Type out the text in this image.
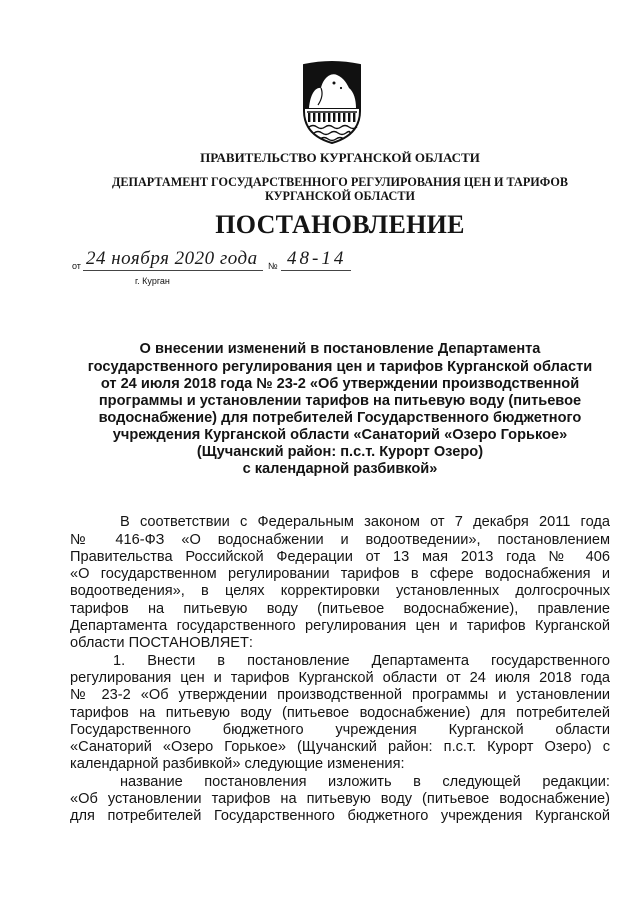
ПРАВИТЕЛЬСТВО КУРГАНСКОЙ ОБЛАСТИ
ДЕПАРТАМЕНТ ГОСУДАРСТВЕННОГО РЕГУЛИРОВАНИЯ ЦЕН И ТАРИФОВ
КУРГАНСКОЙ ОБЛАСТИ
ПОСТАНОВЛЕНИЕ
от 24 ноября 2020 года № 48-14
г. Курган
О внесении изменений в постановление Департамента
государственного регулирования цен и тарифов Курганской области
от 24 июля 2018 года № 23-2 «Об утверждении производственной
программы и установлении тарифов на питьевую воду (питьевое
водоснабжение) для потребителей Государственного бюджетного
учреждения Курганской области «Санаторий «Озеро Горькое»
(Щучанский район: п.с.т. Курорт Озеро)
с календарной разбивкой»
В соответствии с Федеральным законом от 7 декабря 2011 года
№ 416-ФЗ «О водоснабжении и водоотведении», постановлением
Правительства Российской Федерации от 13 мая 2013 года № 406
«О государственном регулировании тарифов в сфере водоснабжения и
водоотведения», в целях корректировки установленных долгосрочных
тарифов на питьевую воду (питьевое водоснабжение), правление
Департамента государственного регулирования цен и тарифов Курганской
области ПОСТАНОВЛЯЕТ:
1. Внести в постановление Департамента государственного
регулирования цен и тарифов Курганской области от 24 июля 2018 года
№ 23-2 «Об утверждении производственной программы и установлении
тарифов на питьевую воду (питьевое водоснабжение) для потребителей
Государственного бюджетного учреждения Курганской области
«Санаторий «Озеро Горькое» (Щучанский район: п.с.т. Курорт Озеро) с
календарной разбивкой» следующие изменения:
название постановления изложить в следующей редакции:
«Об установлении тарифов на питьевую воду (питьевое водоснабжение)
для потребителей Государственного бюджетного учреждения Курганской
